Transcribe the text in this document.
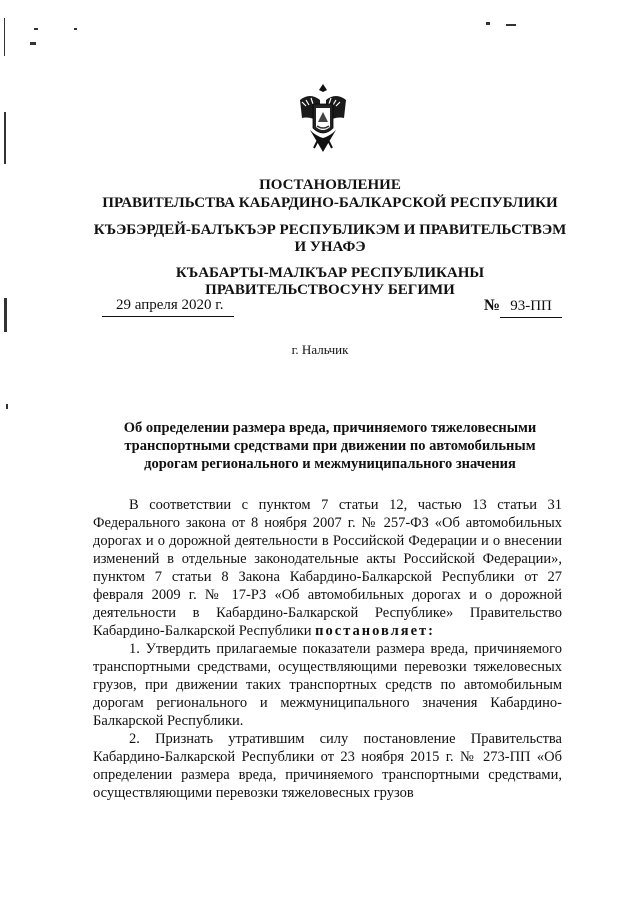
ПОСТАНОВЛЕНИЕ
ПРАВИТЕЛЬСТВА КАБАРДИНО-БАЛКАРСКОЙ РЕСПУБЛИКИ
КЪЭБЭРДЕЙ-БАЛЪКЪЭР РЕСПУБЛИКЭМ И ПРАВИТЕЛЬСТВЭМ И УНАФЭ
КЪАБАРТЫ-МАЛКЪАР РЕСПУБЛИКАНЫ ПРАВИТЕЛЬСТВОСУНУ БЕГИМИ
29 апреля 2020 г.	№ 93-ПП
г. Нальчик
Об определении размера вреда, причиняемого тяжеловесными транспортными средствами при движении по автомобильным дорогам регионального и межмуниципального значения

В соответствии с пунктом 7 статьи 12, частью 13 статьи 31 Федерального закона от 8 ноября 2007 г. № 257-ФЗ «Об автомобильных дорогах и о дорожной деятельности в Российской Федерации и о внесении изменений в отдельные законодательные акты Российской Федерации», пунктом 7 статьи 8 Закона Кабардино-Балкарской Республики от 27 февраля 2009 г. № 17-РЗ «Об автомобильных дорогах и о дорожной деятельности в Кабардино-Балкарской Республике» Правительство Кабардино-Балкарской Республики постановляет:

1. Утвердить прилагаемые показатели размера вреда, причиняемого транспортными средствами, осуществляющими перевозки тяжеловесных грузов, при движении таких транспортных средств по автомобильным дорогам регионального и межмуниципального значения Кабардино-Балкарской Республики.

2. Признать утратившим силу постановление Правительства Кабардино-Балкарской Республики от 23 ноября 2015 г. № 273-ПП «Об определении размера вреда, причиняемого транспортными средствами, осуществляющими перевозки тяжеловесных грузов
